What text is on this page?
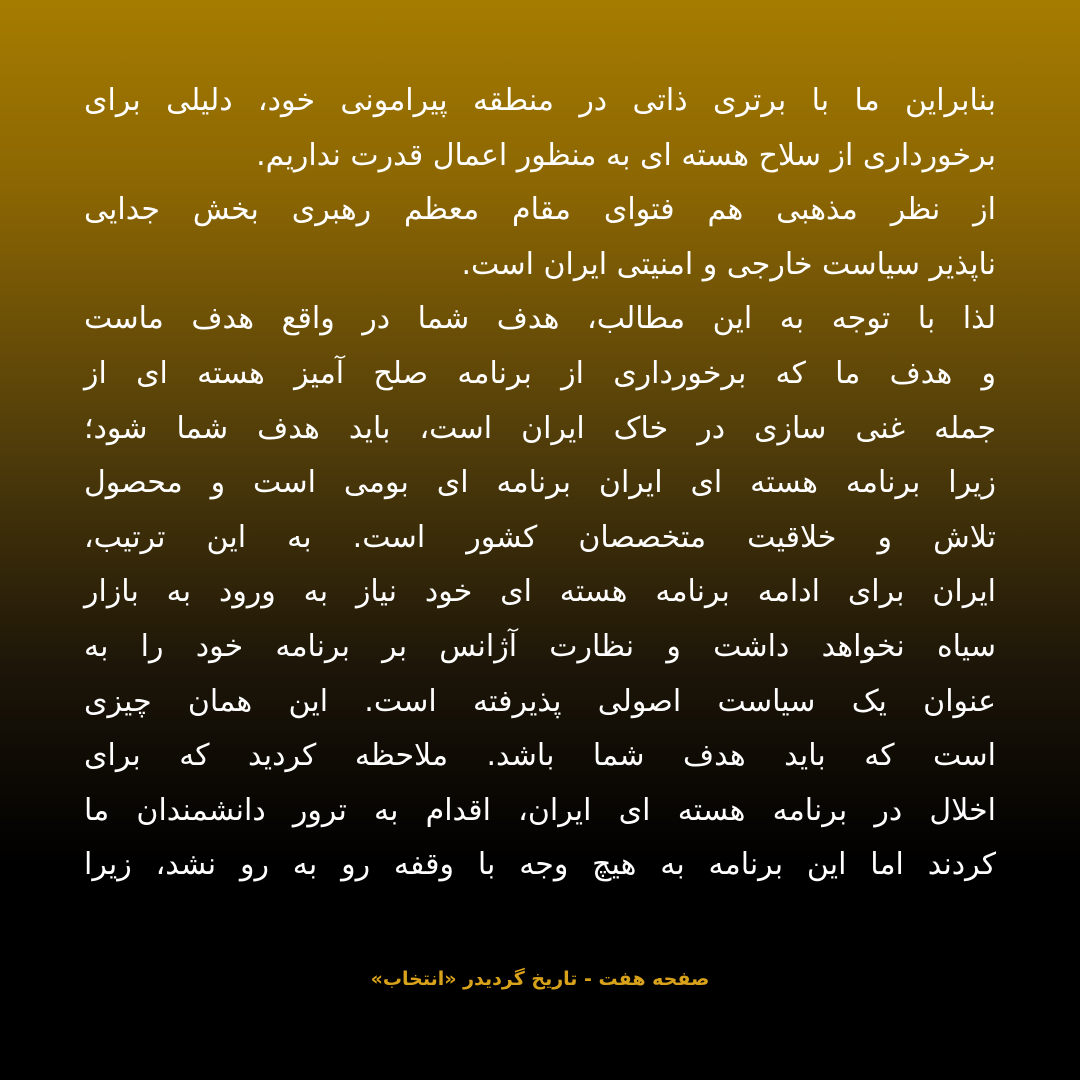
بنابراین ما با برتری ذاتی در منطقه پیرامونی خود، دلیلی برای
برخورداری از سلاح هسته ای به منظور اعمال قدرت نداریم.
از نظر مذهبی هم فتوای مقام معظم رهبری بخش جدایی
ناپذیر سیاست خارجی و امنیتی ایران است.
لذا با توجه به این مطالب، هدف شما در واقع هدف ماست
و هدف ما که برخورداری از برنامه صلح آمیز هسته ای از
جمله غنی سازی در خاک ایران است، باید هدف شما شود؛
زیرا برنامه هسته ای ایران برنامه ای بومی است و محصول
تلاش و خلاقیت متخصصان کشور است. به این ترتیب،
ایران برای ادامه برنامه هسته ای خود نیاز به ورود به بازار
سیاه نخواهد داشت و نظارت آژانس بر برنامه خود را به
عنوان یک سیاست اصولی پذیرفته است. این همان چیزی
است که باید هدف شما باشد. ملاحظه کردید که برای
اخلال در برنامه هسته ای ایران، اقدام به ترور دانشمندان ما
کردند اما این برنامه به هیچ وجه با وقفه رو به رو نشد، زیرا
صفحه هفت - تاریخ گردیدر «انتخاب»
